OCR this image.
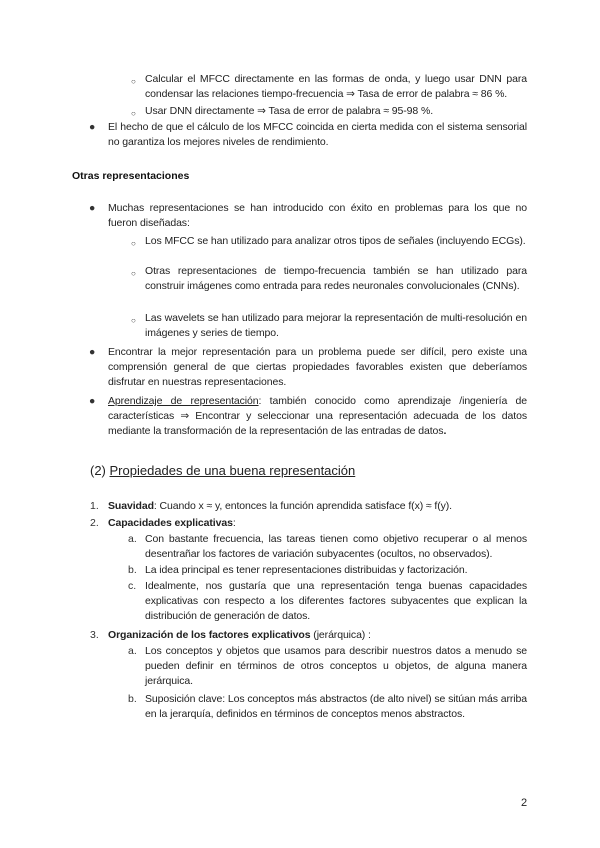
○ Calcular el MFCC directamente en las formas de onda, y luego usar DNN para condensar las relaciones tiempo-frecuencia ⇒ Tasa de error de palabra ≈ 86 %.
○ Usar DNN directamente ⇒ Tasa de error de palabra ≈ 95-98 %.
● El hecho de que el cálculo de los MFCC coincida en cierta medida con el sistema sensorial no garantiza los mejores niveles de rendimiento.
Otras representaciones
● Muchas representaciones se han introducido con éxito en problemas para los que no fueron diseñadas:
○ Los MFCC se han utilizado para analizar otros tipos de señales (incluyendo ECGs).
○ Otras representaciones de tiempo-frecuencia también se han utilizado para construir imágenes como entrada para redes neuronales convolucionales (CNNs).
○ Las wavelets se han utilizado para mejorar la representación de multi-resolución en imágenes y series de tiempo.
● Encontrar la mejor representación para un problema puede ser difícil, pero existe una comprensión general de que ciertas propiedades favorables existen que deberíamos disfrutar en nuestras representaciones.
● Aprendizaje de representación: también conocido como aprendizaje /ingeniería de características ⇒ Encontrar y seleccionar una representación adecuada de los datos mediante la transformación de la representación de las entradas de datos.
(2) Propiedades de una buena representación
1. Suavidad: Cuando x ≈ y, entonces la función aprendida satisface f(x) ≈ f(y).
2. Capacidades explicativas:
a. Con bastante frecuencia, las tareas tienen como objetivo recuperar o al menos desentrañar los factores de variación subyacentes (ocultos, no observados).
b. La idea principal es tener representaciones distribuidas y factorización.
c. Idealmente, nos gustaría que una representación tenga buenas capacidades explicativas con respecto a los diferentes factores subyacentes que explican la distribución de generación de datos.
3. Organización de los factores explicativos (jerárquica) :
a. Los conceptos y objetos que usamos para describir nuestros datos a menudo se pueden definir en términos de otros conceptos u objetos, de alguna manera jerárquica.
b. Suposición clave: Los conceptos más abstractos (de alto nivel) se sitúan más arriba en la jerarquía, definidos en términos de conceptos menos abstractos.
2
